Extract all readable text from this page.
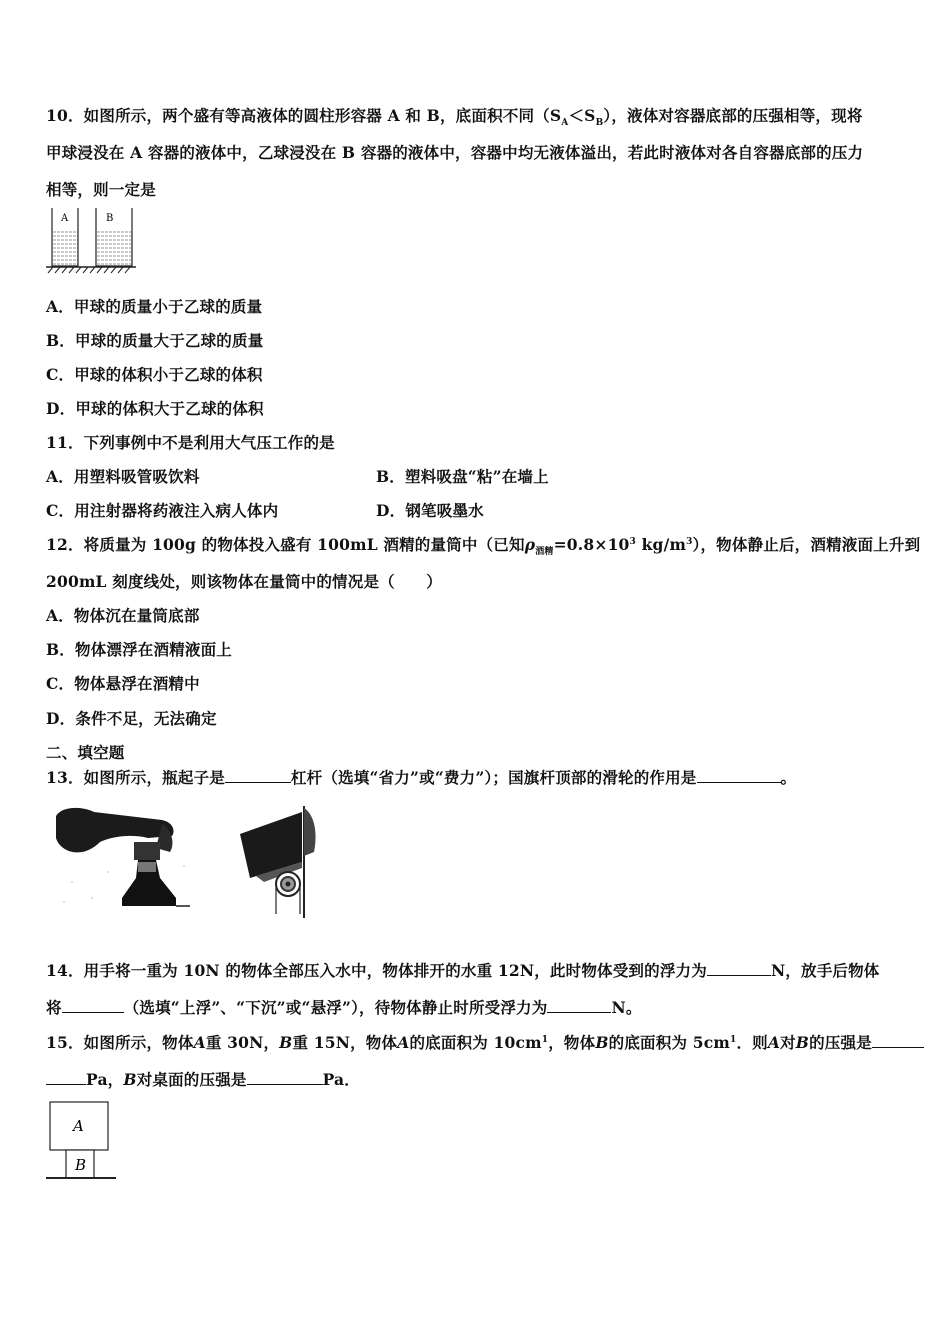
10．如图所示，两个盛有等高液体的圆柱形容器 A 和 B，底面积不同$(S_A<S_B)$，液体对容器底部的压强相等，现将
甲球浸没在 A 容器的液体中，乙球浸没在 B 容器的液体中，容器中均无液体溢出，若此时液体对各自容器底部的压力
相等，则一定是
A	B
A．甲球的质量小于乙球的质量
B．甲球的质量大于乙球的质量
C．甲球的体积小于乙球的体积
D．甲球的体积大于乙球的体积
11．下列事例中不是利用大气压工作的是
A．用塑料吸管吸饮料	B．塑料吸盘“粘”在墙上
C．用注射器将药液注入病人体内	D．钢笔吸墨水
12．将质量为 100g 的物体投入盛有 100mL 酒精的量筒中（已知$\rho_{酒精}=0.8\times 10^3$ $kg/m^3$），物体静止后，酒精液面上升到
200mL 刻度线处，则该物体在量筒中的情况是（　　）
A．物体沉在量筒底部
B．物体漂浮在酒精液面上
C．物体悬浮在酒精中
D．条件不足，无法确定
二、填空题
13．如图所示，瓶起子是	杠杆（选填“省力”或“费力”）；国旗杆顶部的滑轮的作用是	。
14．用手将一重为 10N 的物体全部压入水中，物体排开的水重 12N，此时物体受到的浮力为	N，放手后物体
将	（选填“上浮”、“下沉”或“悬浮”），待物体静止时所受浮力为	N。
15．如图所示，物体A重 30N，B重 15N，物体A的底面积为 $10cm^1$，物体B的底面积为 $5cm^1$．则A对B的压强是
Pa，B对桌面的压强是	Pa．
A
B
